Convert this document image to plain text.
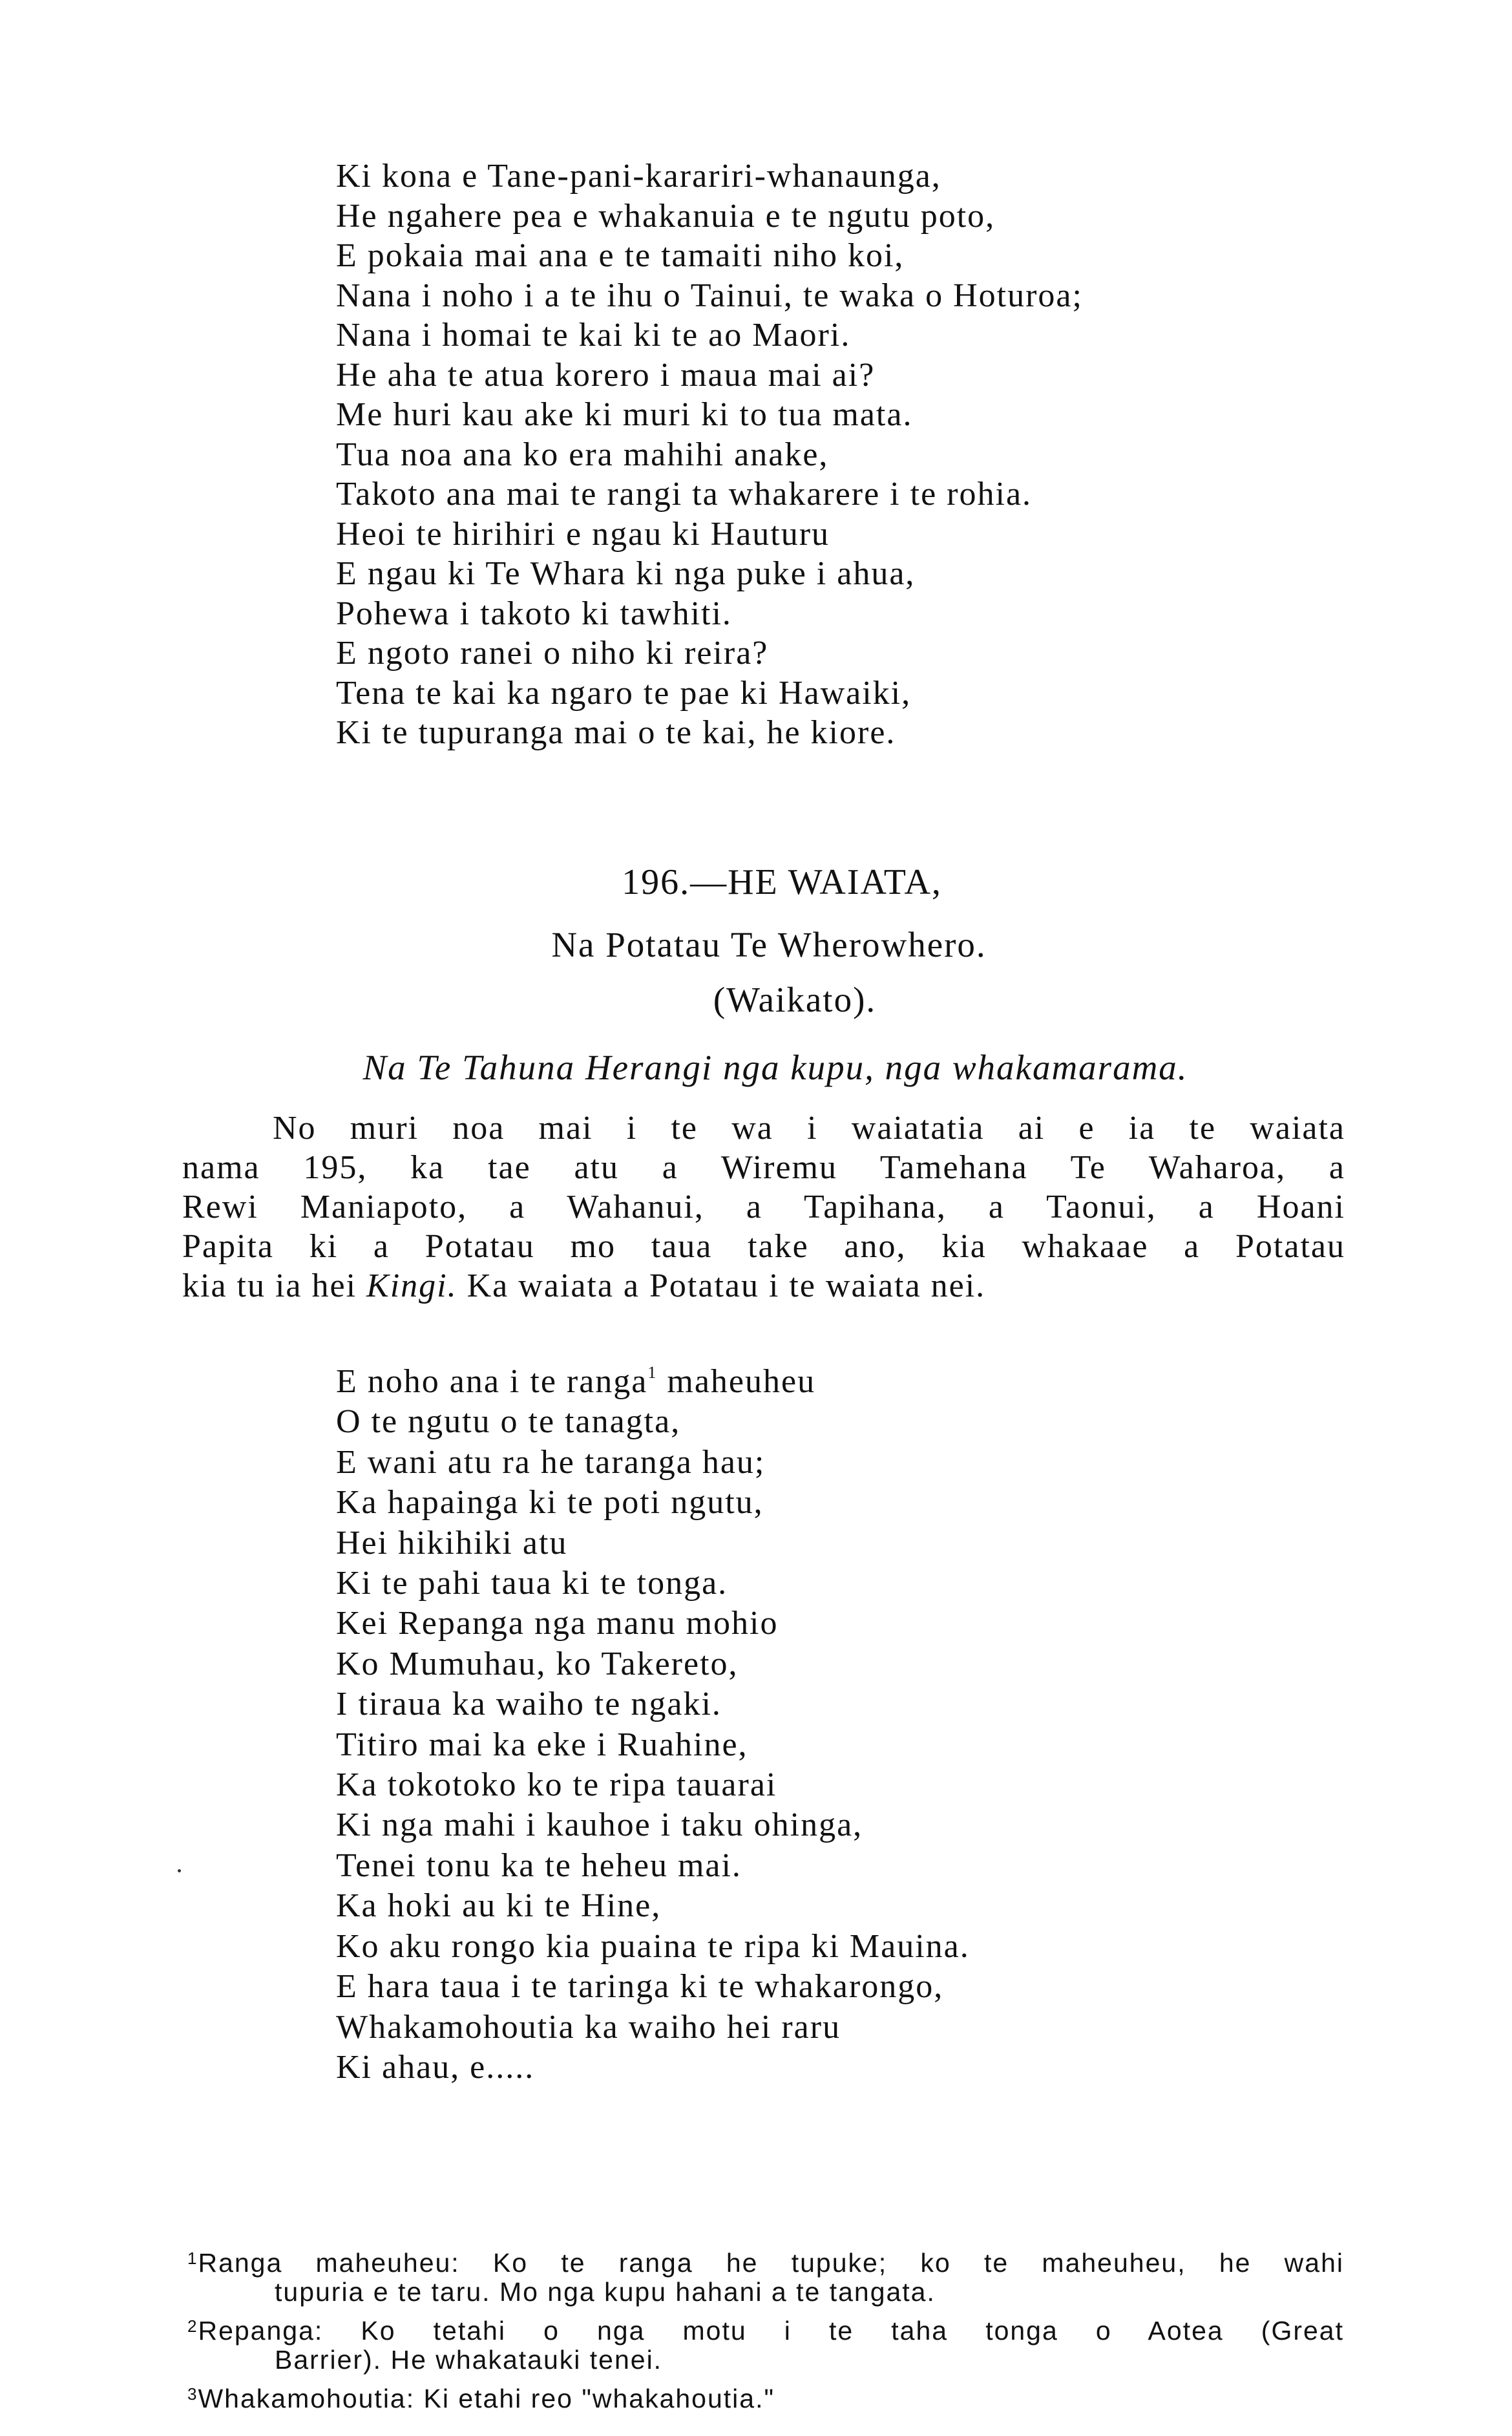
Ki kona e Tane-pani-karariri-whanaunga,
He ngahere pea e whakanuia e te ngutu poto,
E pokaia mai ana e te tamaiti niho koi,
Nana i noho i a te ihu o Tainui, te waka o Hoturoa;
Nana i homai te kai ki te ao Maori.
He aha te atua korero i maua mai ai?
Me huri kau ake ki muri ki to tua mata.
Tua noa ana ko era mahihi anake,
Takoto ana mai te rangi ta whakarere i te rohia.
Heoi te hirihiri e ngau ki Hauturu
E ngau ki Te Whara ki nga puke i ahua,
Pohewa i takoto ki tawhiti.
E ngoto ranei o niho ki reira?
Tena te kai ka ngaro te pae ki Hawaiki,
Ki te tupuranga mai o te kai, he kiore.
196.—HE WAIATA,
Na Potatau Te Wherowhero.
(Waikato).
Na Te Tahuna Herangi nga kupu, nga whakamarama.
No muri noa mai i te wa i waiatatia ai e ia te waiata
nama 195, ka tae atu a Wiremu Tamehana Te Waharoa, a
Rewi Maniapoto, a Wahanui, a Tapihana, a Taonui, a Hoani
Papita ki a Potatau mo taua take ano, kia whakaae a Potatau
kia tu ia hei Kingi. Ka waiata a Potatau i te waiata nei.
E noho ana i te ranga$^1$ maheuheu
O te ngutu o te tanagta,
E wani atu ra he taranga hau;
Ka hapainga ki te poti ngutu,
Hei hikihiki atu
Ki te pahi taua ki te tonga.
Kei Repanga nga manu mohio
Ko Mumuhau, ko Takereto,
I tiraua ka waiho te ngaki.
Titiro mai ka eke i Ruahine,
Ka tokotoko ko te ripa tauarai
Ki nga mahi i kauhoe i taku ohinga,
Tenei tonu ka te heheu mai.
Ka hoki au ki te Hine,
Ko aku rongo kia puaina te ripa ki Mauina.
E hara taua i te taringa ki te whakarongo,
Whakamohoutia ka waiho hei raru
Ki ahau, e.....
$^1$Ranga maheuheu: Ko te ranga he tupuke; ko te maheuheu, he wahi
tupuria e te taru. Mo nga kupu hahani a te tangata.
$^2$Repanga: Ko tetahi o nga motu i te taha tonga o Aotea (Great
Barrier). He whakatauki tenei.
$^3$Whakamohoutia: Ki etahi reo "whakahoutia."
